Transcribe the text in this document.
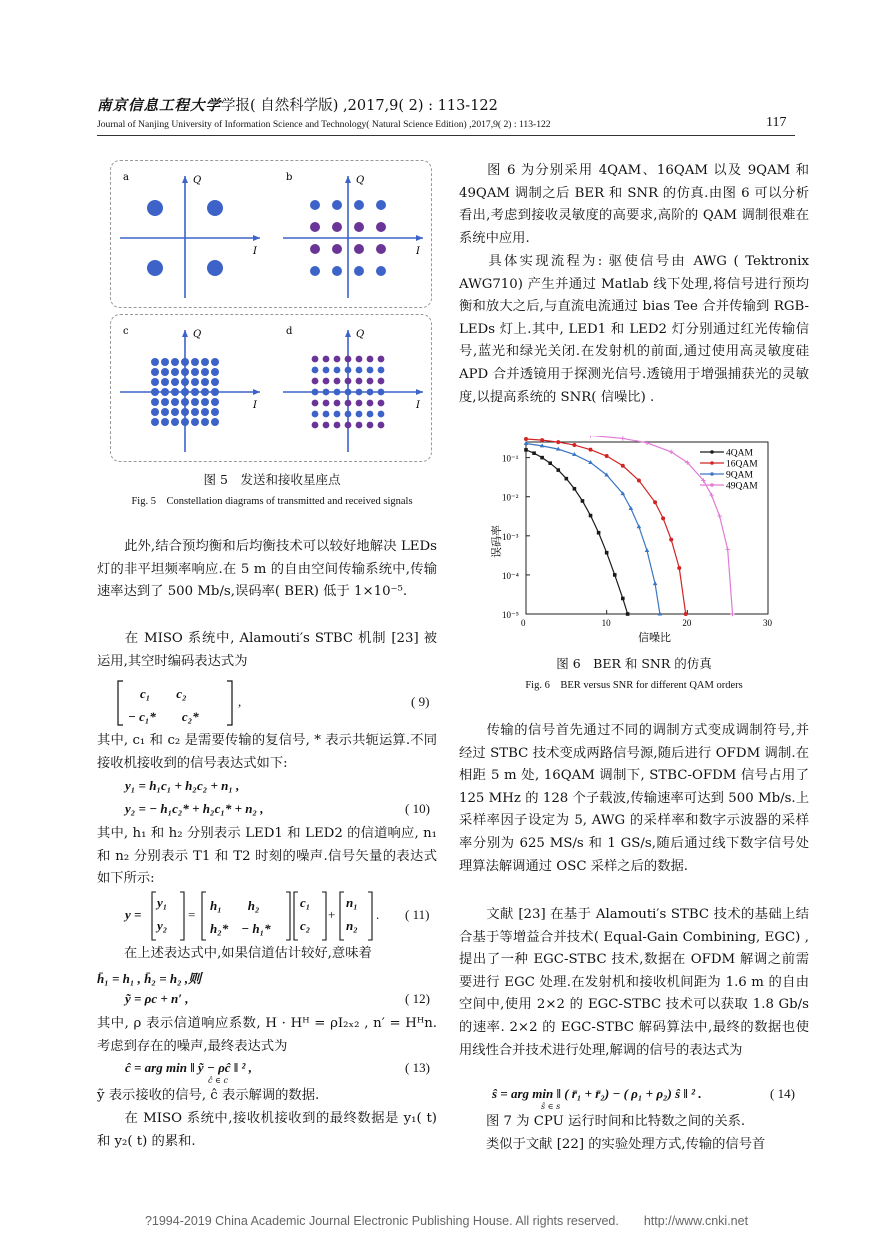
南京信息工程大学学报( 自然科学版) ,2017,9( 2) : 113-122
Journal of Nanjing University of Information Science and Technology( Natural Science Edition) ,2017,9( 2) : 113-122	117
a	Q
I
b	Q
I
c	Q
I
d	Q
I
图 5　发送和接收星座点
Fig. 5　Constellation diagrams of transmitted and received signals
此外,结合预均衡和后均衡技术可以较好地解决 LEDs 灯的非平坦频率响应.在 5 m 的自由空间传输系统中,传输速率达到了 500 Mb/s,误码率( BER) 低于 1×10⁻⁵.
在 MISO 系统中, Alamouti′s STBC 机制 [23] 被运用,其空时编码表达式为
c₁　　c₂
− c₁*　　c₂*
,	( 9)
其中, c₁ 和 c₂ 是需要传输的复信号, * 表示共轭运算.不同接收机接收到的信号表达式如下:
y₁ = h₁c₁ + h₂c₂ + n₁ ,
y₂ = − h₁c₂* + h₂c₁* + n₂ ,	( 10)
其中, h₁ 和 h₂ 分别表示 LED1 和 LED2 的信道响应, n₁ 和 n₂ 分别表示 T1 和 T2 时刻的噪声.信号矢量的表达式如下所示:
y =
y₁
y₂
=
h₁　　h₂
h₂*　− h₁*
c₁
c₂
+
n₁
n₂
. ( 11)
在上述表达式中,如果信道估计较好,意味着
h̄₁ = h₁ , h̄₂ = h₂ ,则
ỹ = ρc + n′ ,	( 12)
其中, ρ 表示信道响应系数, H · Hᴴ = ρI₂ₓ₂ , n′ = Hᴴn.考虑到存在的噪声,最终表达式为
ĉ = arg min ‖ ỹ − ρĉ ‖ ² ,
ĉ ∈ c
( 13)
ỹ 表示接收的信号, ĉ 表示解调的数据.
在 MISO 系统中,接收机接收到的最终数据是 y₁( t) 和 y₂( t) 的累和.
图 6 为分别采用 4QAM、16QAM 以及 9QAM 和 49QAM 调制之后 BER 和 SNR 的仿真.由图 6 可以分析看出,考虑到接收灵敏度的高要求,高阶的 QAM 调制很难在系统中应用.
具体实现流程为: 驱使信号由 AWG ( Tektronix AWG710) 产生并通过 Matlab 线下处理,将信号进行预均衡和放大之后,与直流电流通过 bias Tee 合并传输到 RGB-LEDs 灯上.其中, LED1 和 LED2 灯分别通过红光传输信号,蓝光和绿光关闭.在发射机的前面,通过使用高灵敏度硅 APD 合并透镜用于探测光信号.透镜用于增强捕获光的灵敏度,以提高系统的 SNR( 信噪比) .
10⁻¹
10⁻²
10⁻³
10⁻⁴
10⁻⁵
0	10	20	30
4QAM
16QAM
9QAM
49QAM
误码率
信噪比
图 6　BER 和 SNR 的仿真
Fig. 6　BER versus SNR for different QAM orders
传输的信号首先通过不同的调制方式变成调制符号,并经过 STBC 技术变成两路信号源,随后进行 OFDM 调制.在相距 5 m 处, 16QAM 调制下, STBC-OFDM 信号占用了 125 MHz 的 128 个子载波,传输速率可达到 500 Mb/s.上采样率因子设定为 5, AWG 的采样率和数字示波器的采样率分别为 625 MS/s 和 1 GS/s,随后通过线下数字信号处理算法解调通过 OSC 采样之后的数据.
文献 [23] 在基于 Alamouti′s STBC 技术的基础上结合基于等增益合并技术( Equal-Gain Combining, EGC) ,提出了一种 EGC-STBC 技术,数据在 OFDM 解调之前需要进行 EGC 处理.在发射机和接收机间距为 1.6 m 的自由空间中,使用 2×2 的 EGC-STBC 技术可以获取 1.8 Gb/s 的速率. 2×2 的 EGC-STBC 解码算法中,最终的数据也使用线性合并技术进行处理,解调的信号的表达式为
ŝ = arg min ‖ ( r̄₁ + r̄₂) − ( ρ₁ + ρ₂) ŝ ‖ ² .
ŝ ∈ s
( 14)
图 7 为 CPU 运行时间和比特数之间的关系.
类似于文献 [22] 的实验处理方式,传输的信号首
?1994-2019 China Academic Journal Electronic Publishing House. All rights reserved.　　http://www.cnki.net
